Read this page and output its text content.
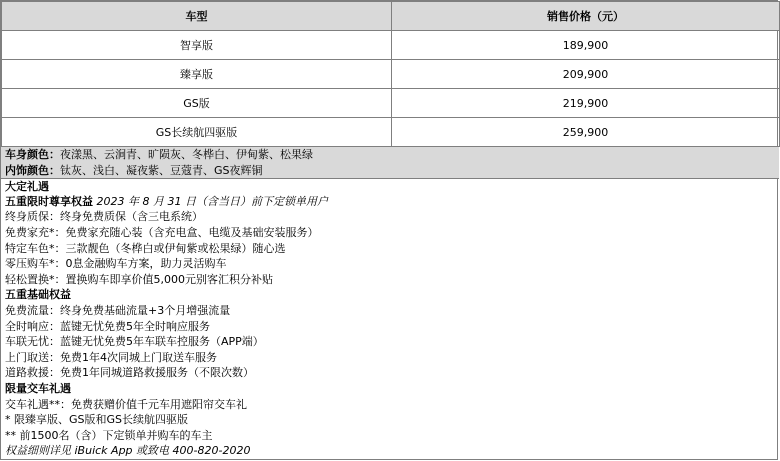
车型	销售价格（元）
智享版	189,900
臻享版	209,900
GS版	219,900
GS长续航四驱版	259,900
车身颜色：夜漾黑、云涧青、旷陨灰、冬桦白、伊甸紫、松果绿
内饰颜色：钛灰、浅白、凝夜紫、豆蔻青、GS夜辉铜
大定礼遇
五重限时尊享权益 2023 年 8 月 31 日（含当日）前下定锁单用户
终身质保：终身免费质保（含三电系统）
免费家充*：免费家充随心装（含充电盒、电缆及基础安装服务）
特定车色*：三款靓色（冬桦白或伊甸紫或松果绿）随心选
零压购车*：0息金融购车方案，助力灵活购车
轻松置换*：置换购车即享价值5,000元别客汇积分补贴
五重基础权益
免费流量：终身免费基础流量+3个月增强流量
全时响应：蓝键无忧免费5年全时响应服务
车联无忧：蓝键无忧免费5年车联车控服务（APP端）
上门取送：免费1年4次同城上门取送车服务
道路救援：免费1年同城道路救援服务（不限次数）
限量交车礼遇
交车礼遇**：免费获赠价值千元车用遮阳帘交车礼
* 限臻享版、GS版和GS长续航四驱版
** 前1500名（含）下定锁单并购车的车主
权益细则详见 iBuick App 或致电 400-820-2020
